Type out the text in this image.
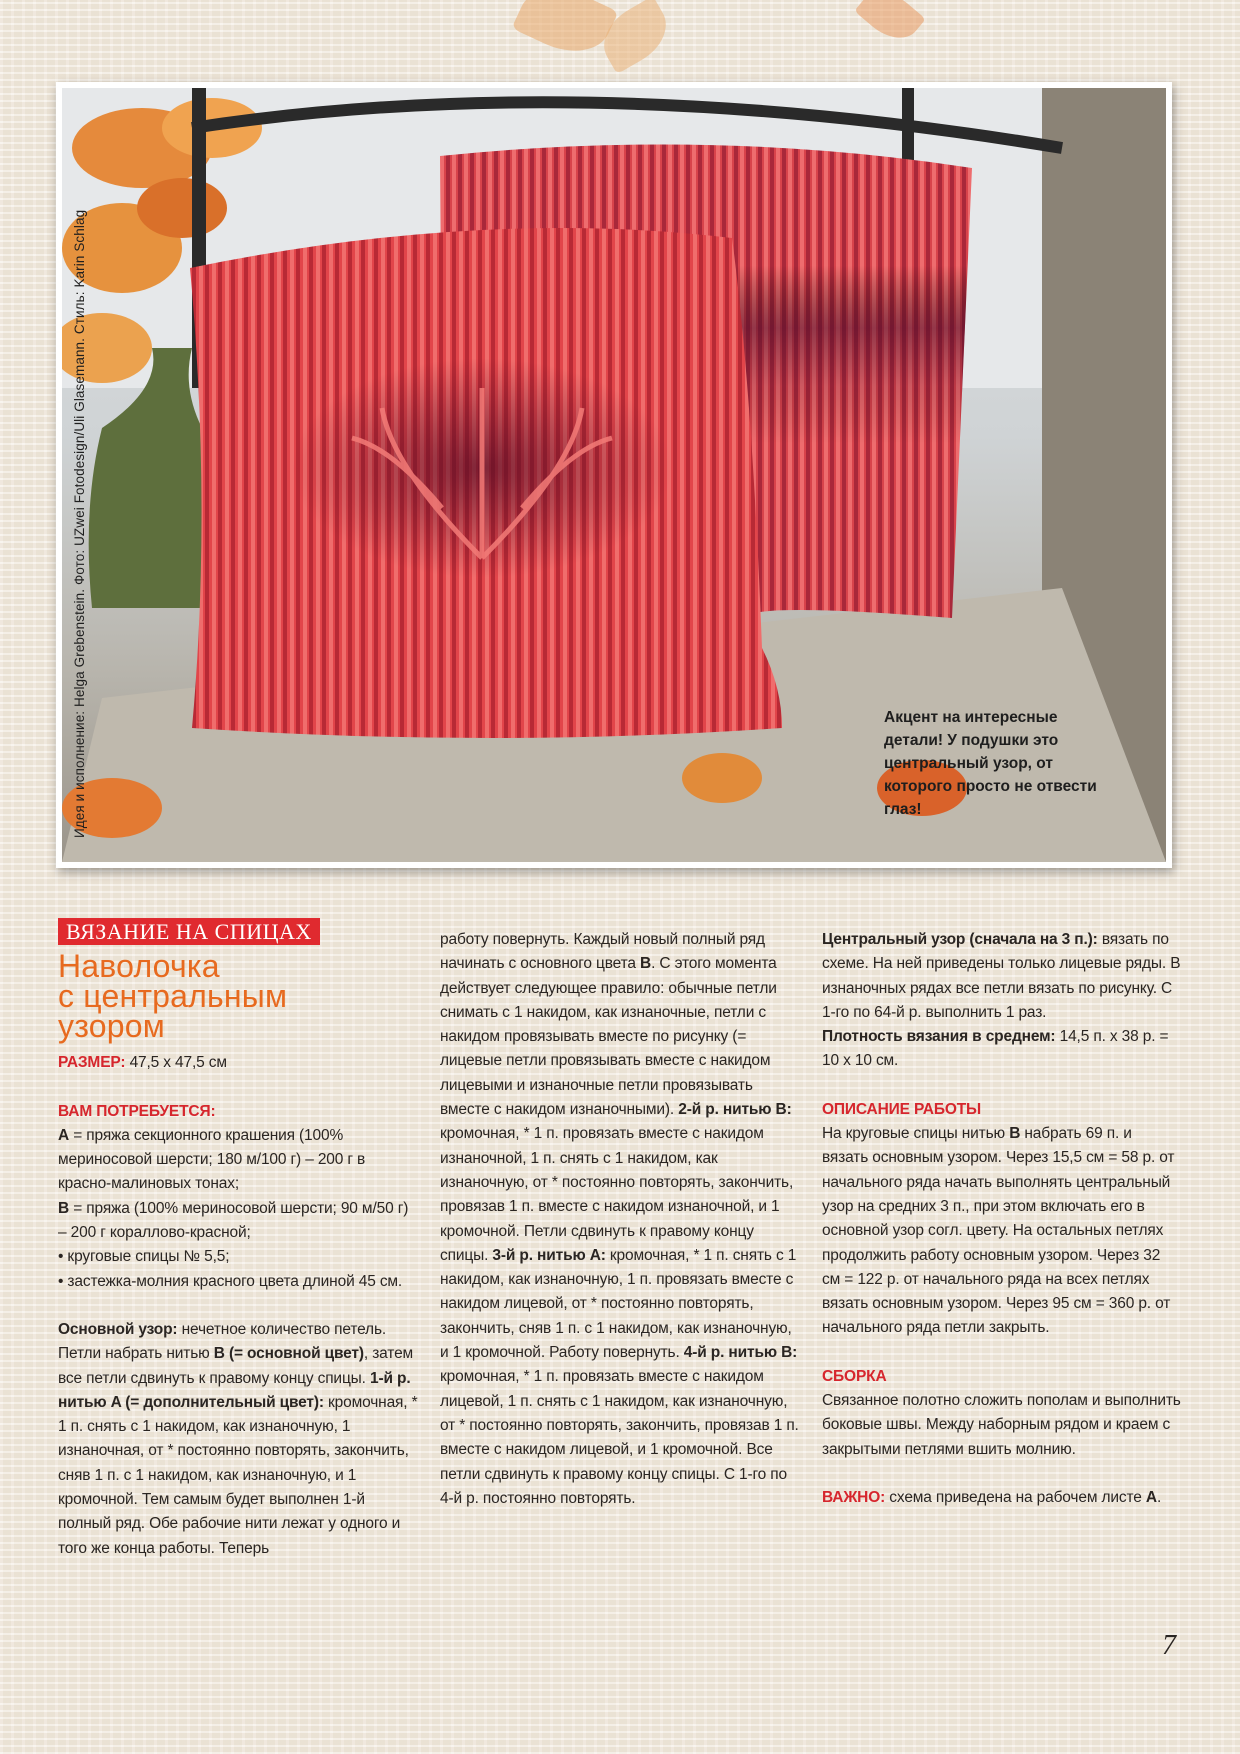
Идея и исполнение: Helga Grebenstein. Фото: UZwei Fotodesign/Uli Glasemann. Стиль: Karin Schlag	Акцент на интересные детали! У подушки это центральный узор, от которого просто не отвести глаз!
ВЯЗАНИЕ НА СПИЦАХ
Наволочка
с центральным
узором

РАЗМЕР: 47,5 х 47,5 см

ВАМ ПОТРЕБУЕТСЯ:

A = пряжа секционного крашения (100% мериносовой шерсти; 180 м/100 г) – 200 г в красно-малиновых тонах;

B = пряжа (100% мериносовой шерсти; 90 м/50 г) – 200 г кораллово-красной;

• круговые спицы № 5,5;

• застежка-молния красного цвета длиной 45 см.

Основной узор: нечетное количество петель. Петли набрать нитью B (= основной цвет), затем все петли сдвинуть к правому концу спицы. 1-й р. нитью A (= дополнительный цвет): кромочная, * 1 п. снять с 1 накидом, как изнаночную, 1 изнаночная, от * постоянно повторять, закончить, сняв 1 п. с 1 накидом, как изнаночную, и 1 кромочной. Тем самым будет выполнен 1-й полный ряд. Обе рабочие нити лежат у одного и того же конца работы. Теперь

работу повернуть. Каждый новый полный ряд начинать с основного цвета B. С этого момента действует следующее правило: обычные петли снимать с 1 накидом, как изнаночные, петли с накидом провязывать вместе по рисунку (= лицевые петли провязывать вместе с накидом лицевыми и изнаночные петли провязывать вместе с накидом изнаночными). 2-й р. нитью B: кромочная, * 1 п. провязать вместе с накидом изнаночной, 1 п. снять с 1 накидом, как изнаночную, от * постоянно повторять, закончить, провязав 1 п. вместе с накидом изнаночной, и 1 кромочной. Петли сдвинуть к правому концу спицы. 3-й р. нитью A: кромочная, * 1 п. снять с 1 накидом, как изнаночную, 1 п. провязать вместе с накидом лицевой, от * постоянно повторять, закончить, сняв 1 п. с 1 накидом, как изнаночную, и 1 кромочной. Работу повернуть. 4-й р. нитью B: кромочная, * 1 п. провязать вместе с накидом лицевой, 1 п. снять с 1 накидом, как изнаночную, от * постоянно повторять, закончить, провязав 1 п. вместе с накидом лицевой, и 1 кромочной. Все петли сдвинуть к правому концу спицы. С 1-го по 4-й р. постоянно повторять.

Центральный узор (сначала на 3 п.): вязать по схеме. На ней приведены только лицевые ряды. В изнаночных рядах все петли вязать по рисунку. С 1-го по 64-й р. выполнить 1 раз.

Плотность вязания в среднем: 14,5 п. х 38 р. = 10 х 10 см.

ОПИСАНИЕ РАБОТЫ

На круговые спицы нитью B набрать 69 п. и вязать основным узором. Через 15,5 см = 58 р. от начального ряда начать выполнять центральный узор на средних 3 п., при этом включать его в основной узор согл. цвету. На остальных петлях продолжить работу основным узором. Через 32 см = 122 р. от начального ряда на всех петлях вязать основным узором. Через 95 см = 360 р. от начального ряда петли закрыть.

СБОРКА

Связанное полотно сложить пополам и выполнить боковые швы. Между наборным рядом и краем с закрытыми петлями вшить молнию.

ВАЖНО: схема приведена на рабочем листе А.

7
